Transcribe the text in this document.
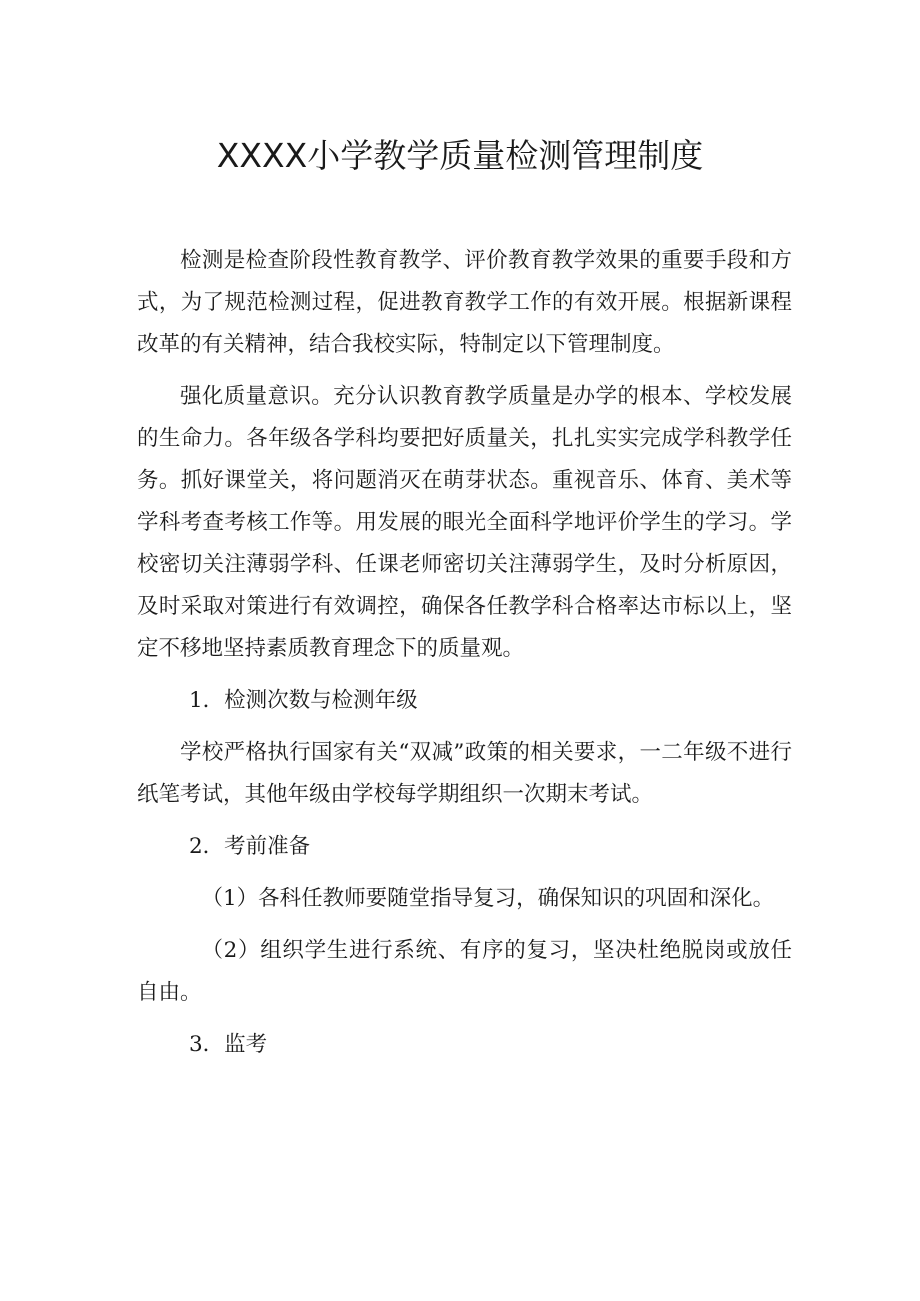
XXXX小学教学质量检测管理制度

检测是检查阶段性教育教学、评价教育教学效果的重要手段和方式，为了规范检测过程，促进教育教学工作的有效开展。根据新课程改革的有关精神，结合我校实际，特制定以下管理制度。

强化质量意识。充分认识教育教学质量是办学的根本、学校发展的生命力。各年级各学科均要把好质量关，扎扎实实完成学科教学任务。抓好课堂关，将问题消灭在萌芽状态。重视音乐、体育、美术等学科考查考核工作等。用发展的眼光全面科学地评价学生的学习。学校密切关注薄弱学科、任课老师密切关注薄弱学生，及时分析原因，及时采取对策进行有效调控，确保各任教学科合格率达市标以上，坚定不移地坚持素质教育理念下的质量观。

1．检测次数与检测年级

学校严格执行国家有关“双减”政策的相关要求，一二年级不进行纸笔考试，其他年级由学校每学期组织一次期末考试。

2．考前准备

（1）各科任教师要随堂指导复习，确保知识的巩固和深化。

（2）组织学生进行系统、有序的复习，坚决杜绝脱岗或放任自由。

3．监考
